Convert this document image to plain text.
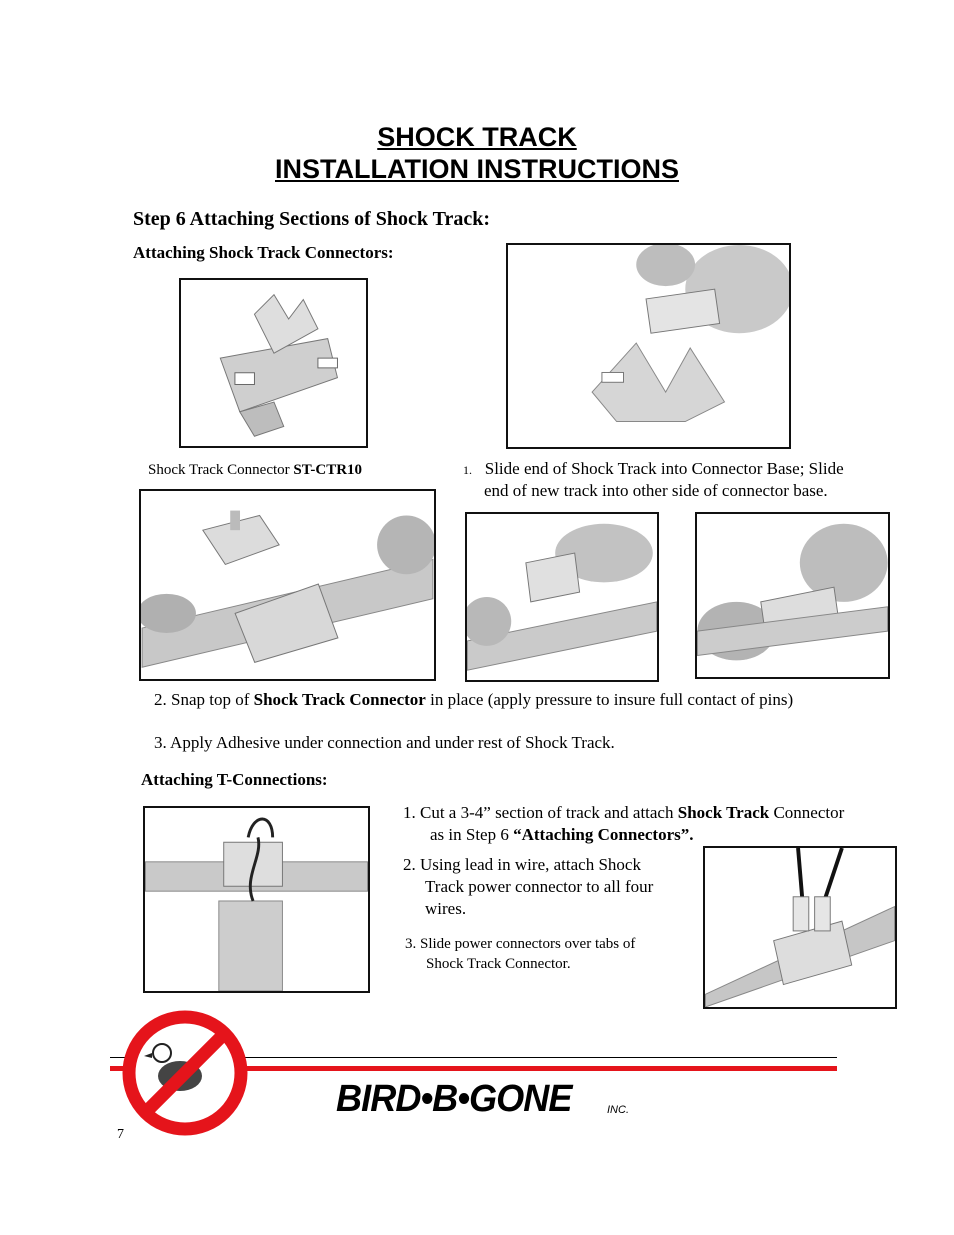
SHOCK TRACK
INSTALLATION INSTRUCTIONS
Step 6 Attaching Sections of Shock Track:
Attaching Shock Track Connectors:
Shock Track Connector ST-CTR10	1. Slide end of Shock Track into Connector Base; Slide
end of new track into other side of connector base.
2. Snap top of Shock Track Connector in place (apply pressure to insure full contact of pins)
3. Apply Adhesive under connection and under rest of Shock Track.
Attaching T-Connections:
1. Cut a 3-4” section of track and attach Shock Track Connector
as in Step 6 “Attaching Connectors”.
2. Using lead in wire, attach Shock
Track power connector to all four
wires.
3. Slide power connectors over tabs of
Shock Track Connector.
BIRD•B•GONE	INC.
7
